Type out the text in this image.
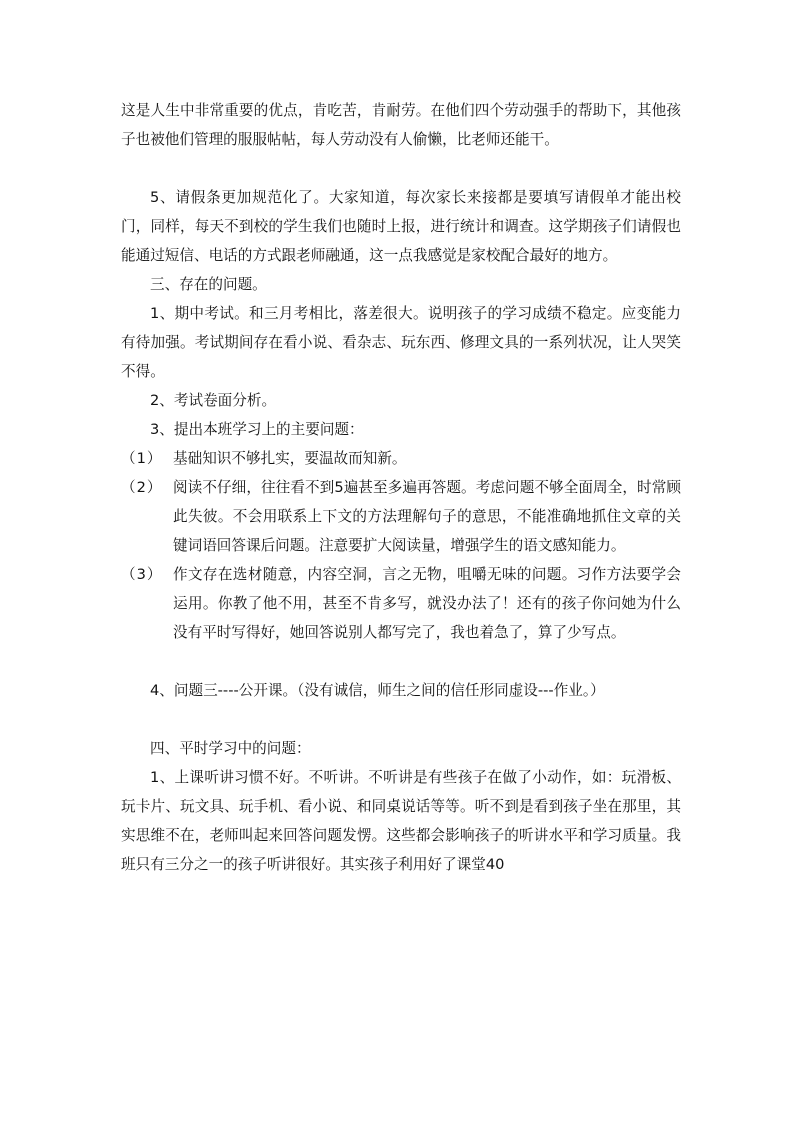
这是人生中非常重要的优点，肯吃苦，肯耐劳。在他们四个劳动强手的帮助下，其他孩子也被他们管理的服服帖帖，每人劳动没有人偷懒，比老师还能干。

5、请假条更加规范化了。大家知道，每次家长来接都是要填写请假单才能出校门，同样，每天不到校的学生我们也随时上报，进行统计和调查。这学期孩子们请假也能通过短信、电话的方式跟老师融通，这一点我感觉是家校配合最好的地方。

三、存在的问题。

1、期中考试。和三月考相比，落差很大。说明孩子的学习成绩不稳定。应变能力有待加强。考试期间存在看小说、看杂志、玩东西、修理文具的一系列状况，让人哭笑不得。

2、考试卷面分析。

3、提出本班学习上的主要问题：

（1） 基础知识不够扎实，要温故而知新。
（2） 阅读不仔细，往往看不到5遍甚至多遍再答题。考虑问题不够全面周全，时常顾此失彼。不会用联系上下文的方法理解句子的意思，不能准确地抓住文章的关键词语回答课后问题。注意要扩大阅读量，增强学生的语文感知能力。
（3） 作文存在选材随意，内容空洞，言之无物，咀嚼无味的问题。习作方法要学会运用。你教了他不用，甚至不肯多写，就没办法了！还有的孩子你问她为什么没有平时写得好，她回答说别人都写完了，我也着急了，算了少写点。

4、问题三----公开课。（没有诚信，师生之间的信任形同虚设---作业。）

四、平时学习中的问题：

1、上课听讲习惯不好。不听讲。不听讲是有些孩子在做了小动作，如：玩滑板、玩卡片、玩文具、玩手机、看小说、和同桌说话等等。听不到是看到孩子坐在那里，其实思维不在，老师叫起来回答问题发愣。这些都会影响孩子的听讲水平和学习质量。我班只有三分之一的孩子听讲很好。其实孩子利用好了课堂40
